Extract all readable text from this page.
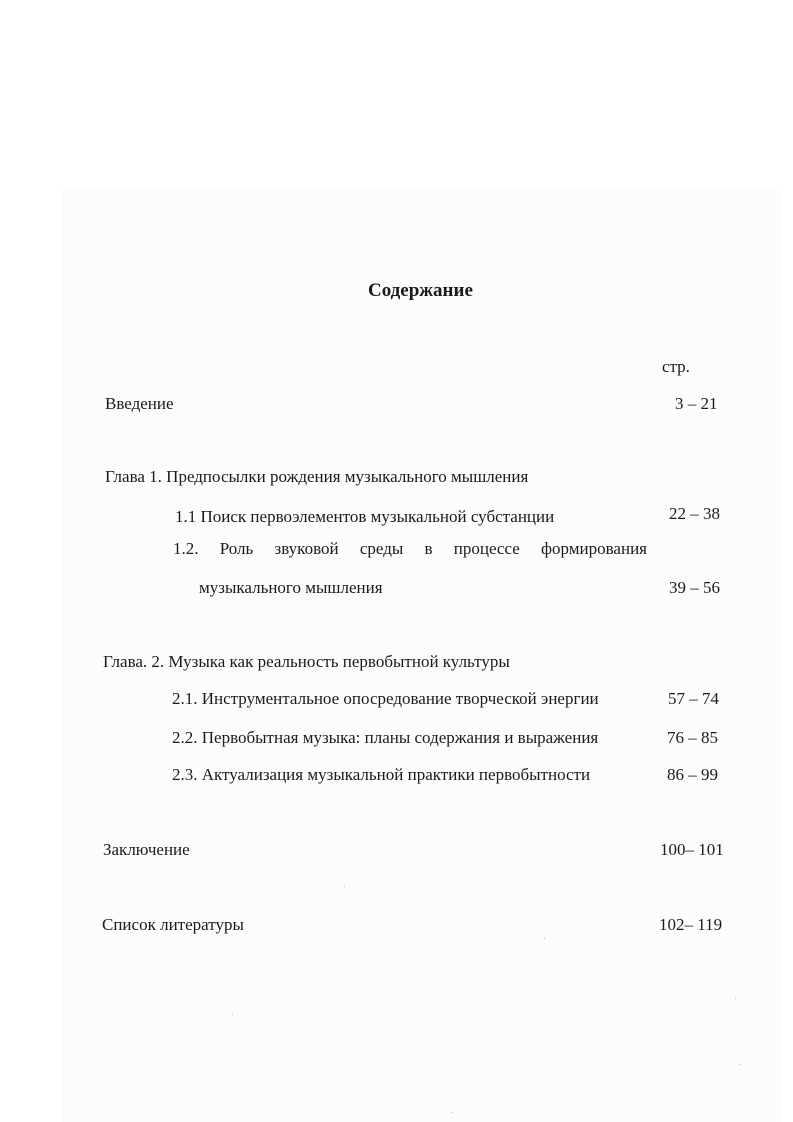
Содержание
стр.
Введение	3 – 21
Глава 1. Предпосылки рождения музыкального мышления
1.1 Поиск первоэлементов музыкальной субстанции	22 – 38
1.2. Роль звуковой среды в процессе формирования
музыкального мышления	39 – 56
Глава. 2. Музыка как реальность первобытной культуры
2.1. Инструментальное опосредование творческой энергии	57 – 74
2.2. Первобытная музыка: планы содержания и выражения	76 – 85
2.3. Актуализация музыкальной практики первобытности	86 – 99
Заключение	100– 101
Список литературы	102– 119
